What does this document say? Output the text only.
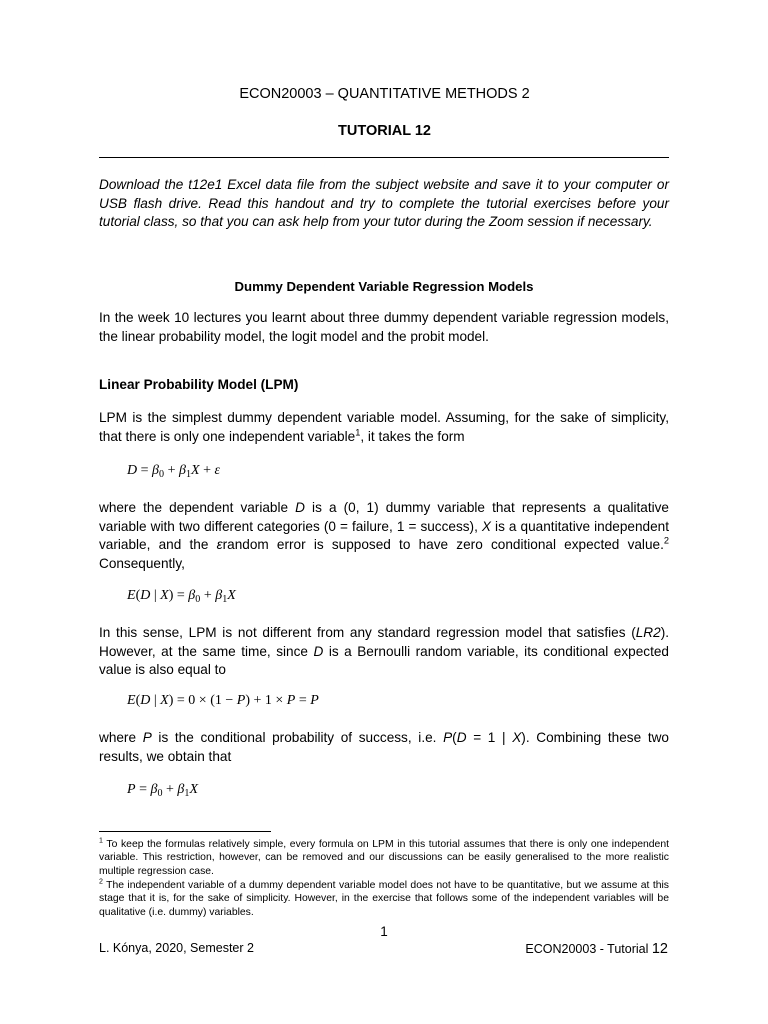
ECON20003 – QUANTITATIVE METHODS 2
TUTORIAL 12
Download the t12e1 Excel data file from the subject website and save it to your computer or USB flash drive. Read this handout and try to complete the tutorial exercises before your tutorial class, so that you can ask help from your tutor during the Zoom session if necessary.
Dummy Dependent Variable Regression Models
In the week 10 lectures you learnt about three dummy dependent variable regression models, the linear probability model, the logit model and the probit model.
Linear Probability Model (LPM)
LPM is the simplest dummy dependent variable model. Assuming, for the sake of simplicity, that there is only one independent variable$^1$, it takes the form
$D = \beta_0 + \beta_1X + \varepsilon$
where the dependent variable D is a (0, 1) dummy variable that represents a qualitative variable with two different categories (0 = failure, 1 = success), X is a quantitative independent variable, and the εrandom error is supposed to have zero conditional expected value.$^2$ Consequently,
E(D | $X) = \beta_0 + \beta_1X$
In this sense, LPM is not different from any standard regression model that satisfies (LR2). However, at the same time, since D is a Bernoulli random variable, its conditional expected value is also equal to
E(D | X) = 0 × (1 − P) + 1 × P = P
where P is the conditional probability of success, i.e. P(D = 1 | X). Combining these two results, we obtain that
$P = \beta_0 + \beta_1X$
$^1$ To keep the formulas relatively simple, every formula on LPM in this tutorial assumes that there is only one independent variable. This restriction, however, can be removed and our discussions can be easily generalised to the more realistic multiple regression case.
$^2$ The independent variable of a dummy dependent variable model does not have to be quantitative, but we assume at this stage that it is, for the sake of simplicity. However, in the exercise that follows some of the independent variables will be qualitative (i.e. dummy) variables.
1
L. Kónya, 2020, Semester 2	ECON20003 - Tutorial 12
